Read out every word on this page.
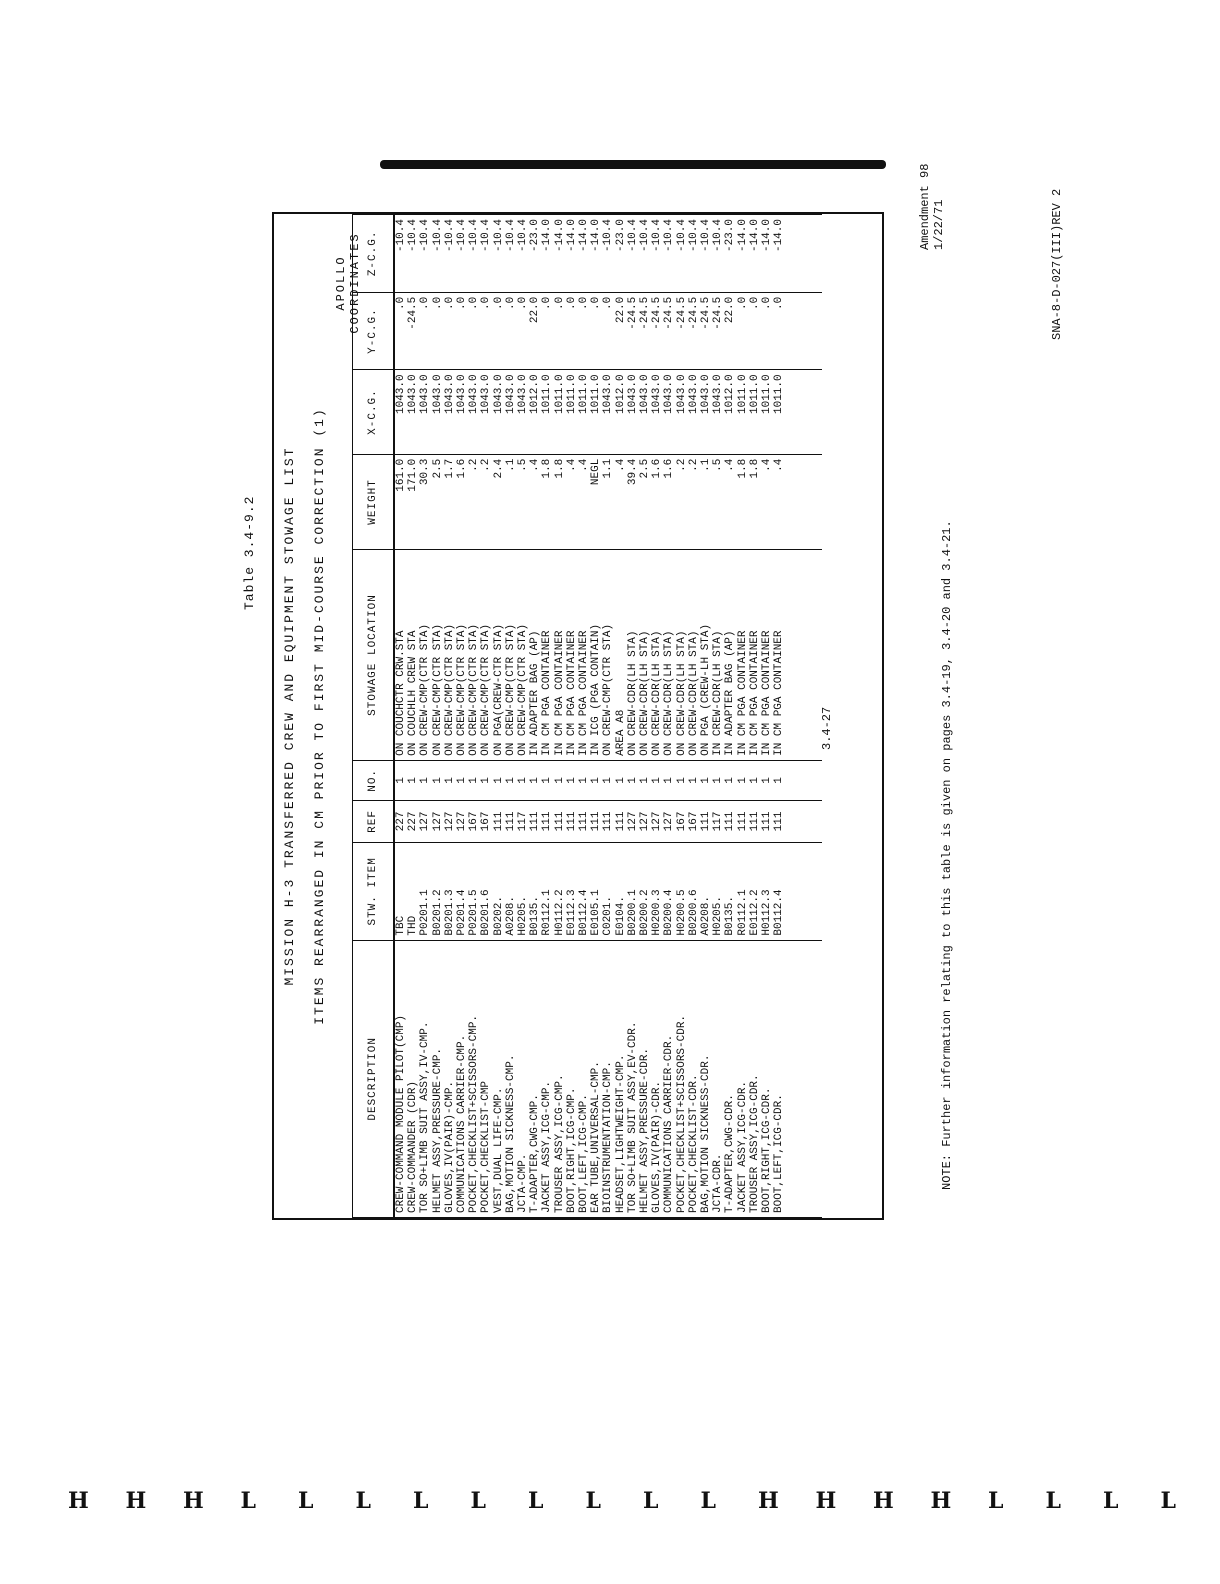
Table 3.4-9.2
Amendment 98 1/22/71	SNA-8-D-027(III)REV 2
3.4-27	NOTE: Further information relating to this table is given on pages 3.4-19, 3.4-20 and 3.4-21.
MISSION H-3 TRANSFERRED CREW AND EQUIPMENT STOWAGE LIST ITEMS REARRANGED IN CM PRIOR TO FIRST MID-COURSE CORRECTION (1)
APOLLO COORDINATES
DESCRIPTION	STW. ITEM	REF	NO.	STOWAGE LOCATION	WEIGHT	X-C.G.	Y-C.G.	Z-C.G.
CREW-COMMAND MODULE PILOT(CMP)	TBC	227	1	ON COUCHCTR CRW.STA	161.0	1043.0	.0	-10.4
CREW-COMMANDER (CDR)	THD	227	1	ON COUCHLH CREW STA	171.0	1043.0	-24.5	-10.4
TOR SO+LIMB SUIT ASSY,IV-CMP.	P0201.1	127	1	ON CREW-CMP(CTR STA)	30.3	1043.0	.0	-10.4
HELMET ASSY,PRESSURE-CMP.	B0201.2	127	1	ON CREW-CMP(CTR STA)	2.5	1043.0	.0	-10.4
GLOVES,IV(PAIR)-CMP.	B0201.3	127	1	ON CREW-CMP(CTR STA)	1.7	1043.0	.0	-10.4
COMMUNICATIONS CARRIER-CMP.	P0201.4	127	1	ON CREW-CMP(CTR STA)	1.6	1043.0	.0	-10.4
POCKET,CHECKLIST+SCISSORS-CMP.	P0201.5	167	1	ON CREW-CMP(CTR STA)	.2	1043.0	.0	-10.4
POCKET,CHECKLIST-CMP	B0201.6	167	1	ON CREW-CMP(CTR STA)	.2	1043.0	.0	-10.4
VEST,DUAL LIFE-CMP.	B0202.	111	1	ON PGA(CREW-CTR STA)	2.4	1043.0	.0	-10.4
BAG,MOTION SICKNESS-CMP.	A0208.	111	1	ON CREW-CMP(CTR STA)	.1	1043.0	.0	-10.4
JCTA-CMP.	H0205.	117	1	ON CREW-CMP(CTR STA)	.5	1043.0	.0	-10.4
T-ADAPTER,CWG-CMP.	B0135.	111	1	IN ADAPTER BAG (AP)	.4	1012.0	22.0	-23.0
JACKET ASSY,ICG-CMP.	R0112.1	111	1	IN CM PGA CONTAINER	1.8	1011.0	.0	-14.0
TROUSER ASSY,ICG-CMP.	H0112.2	111	1	IN CM PGA CONTAINER	1.8	1011.0	.0	-14.0
BOOT,RIGHT,ICG-CMP.	E0112.3	111	1	IN CM PGA CONTAINER	.4	1011.0	.0	-14.0
BOOT,LEFT,ICG-CMP.	B0112.4	111	1	IN CM PGA CONTAINER	.4	1011.0	.0	-14.0
EAR TUBE,UNIVERSAL-CMP.	E0105.1	111	1	IN ICG (PGA CONTAIN)	NEGL	1011.0	.0	-14.0
BIOINSTRUMENTATION-CMP.	C0201.	111	1	ON CREW-CMP(CTR STA)	1.1	1043.0	.0	-10.4
HEADSET,LIGHTWEIGHT-CMP.	E0104.	111	1	AREA A8	.4	1012.0	22.0	-23.0
TOR SO+LIMB SUIT ASSY,EV-CDR.	B0200.1	127	1	ON CREW-CDR(LH STA)	39.4	1043.0	-24.5	-10.4
HELMET ASSY,PRESSURE-CDR.	B0200.2	127	1	ON CREW-CDR(LH STA)	2.5	1043.0	-24.5	-10.4
GLOVES,IV(PAIR)-CDR.	H0200.3	127	1	ON CREW-CDR(LH STA)	1.6	1043.0	-24.5	-10.4
COMMUNICATIONS CARRIER-CDR.	B0200.4	127	1	ON CREW-CDR(LH STA)	1.6	1043.0	-24.5	-10.4
POCKET,CHECKLIST+SCISSORS-CDR.	H0200.5	167	1	ON CREW-CDR(LH STA)	.2	1043.0	-24.5	-10.4
POCKET,CHECKLIST-CDR.	B0200.6	167	1	ON CREW-CDR(LH STA)	.2	1043.0	-24.5	-10.4
BAG,MOTION SICKNESS-CDR.	A0208.	111	1	ON PGA (CREW-LH STA)	.1	1043.0	-24.5	-10.4
JCTA-CDR.	H0205.	117	1	IN CREW-CDR(LH STA)	.5	1043.0	-24.5	-10.4
T-ADAPTER,CWG-CDR.	B0135.	111	1	IN ADAPTER BAG (AP)	.4	1012.0	22.0	-23.0
JACKET ASSY,ICG-CDR.	R0112.1	111	1	IN CM PGA CONTAINER	1.8	1011.0	.0	-14.0
TROUSER ASSY,ICG-CDR.	E0112.2	111	1	IN CM PGA CONTAINER	1.8	1011.0	.0	-14.0
BOOT,RIGHT,ICG-CDR.	H0112.3	111	1	IN CM PGA CONTAINER	.4	1011.0	.0	-14.0
BOOT,LEFT,ICG-CDR.	B0112.4	111	1	IN CM PGA CONTAINER	.4	1011.0	.0	-14.0

H H H L L L L L L L L L H H H H L L L L
